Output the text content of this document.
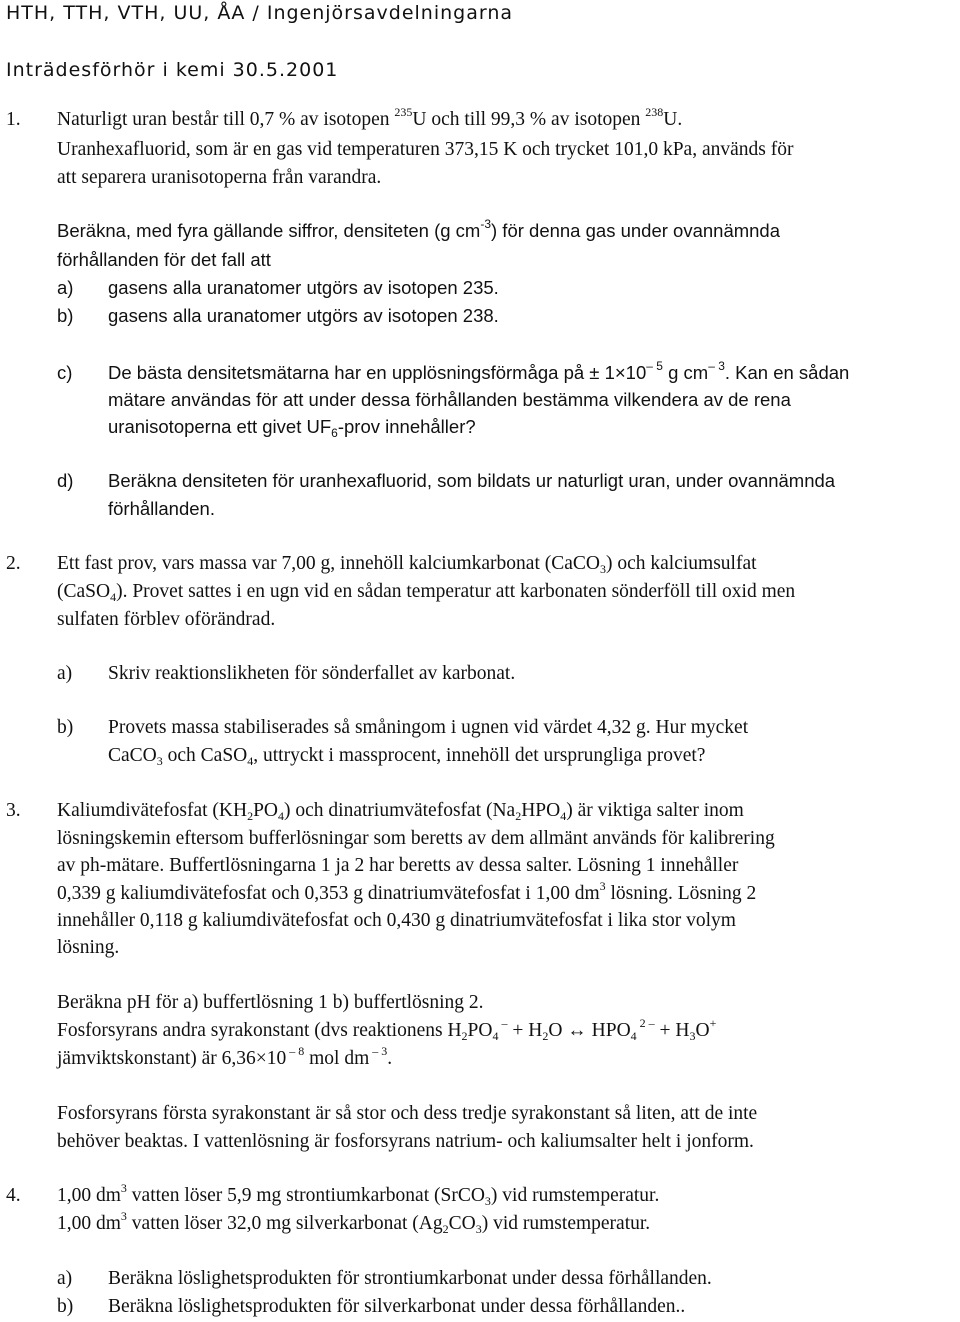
HTH, TTH, VTH, UU, ÅA / Ingenjörsavdelningarna
Inträdesförhör i kemi 30.5.2001
1. Naturligt uran består till 0,7 % av isotopen $^{235}$U och till 99,3 % av isotopen $^{238}$U.
Uranhexafluorid, som är en gas vid temperaturen 373,15 K och trycket 101,0 kPa, används för
att separera uranisotoperna från varandra.
Beräkna, med fyra gällande siffror, densiteten (g $cm^{-3}$) för denna gas under ovannämnda
förhållanden för det fall att
a) gasens alla uranatomer utgörs av isotopen 235.
b) gasens alla uranatomer utgörs av isotopen 238.
c) De bästa densitetsmätarna har en upplösningsförmåga på ± $1\times 10^{- 5}$ g $cm^{- 3}$. Kan en sådan
mätare användas för att under dessa förhållanden bestämma vilkendera av de rena
uranisotoperna ett givet $UF_6$-prov innehåller?
d) Beräkna densiteten för uranhexafluorid, som bildats ur naturligt uran, under ovannämnda
förhållanden.
2. Ett fast prov, vars massa var 7,00 g, innehöll kalciumkarbonat (CaCO$_3$) och kalciumsulfat
(CaSO$_4$). Provet sattes i en ugn vid en sådan temperatur att karbonaten sönderföll till oxid men
sulfaten förblev oförändrad.
a) Skriv reaktionslikheten för sönderfallet av karbonat.
b) Provets massa stabiliserades så småningom i ugnen vid värdet 4,32 g. Hur mycket
CaCO$_3$ och CaSO$_4$, uttryckt i massprocent, innehöll det ursprungliga provet?
3. Kaliumdivätefosfat $(KH_2PO_4)$ och dinatriumvätefosfat $(Na_2HPO_4)$ är viktiga salter inom
lösningskemin eftersom bufferlösningar som beretts av dem allmänt används för kalibrering
av ph-mätare. Buffertlösningarna 1 ja 2 har beretts av dessa salter. Lösning 1 innehåller
0,339 g kaliumdivätefosfat och 0,353 g dinatriumvätefosfat i 1,00 $dm^3$ lösning. Lösning 2
innehåller 0,118 g kaliumdivätefosfat och 0,430 g dinatriumvätefosfat i lika stor volym
lösning.
Beräkna pH för a) buffertlösning 1 b) buffertlösning 2.
Fosforsyrans andra syrakonstant (dvs reaktionens $H_2PO_4$ $^- + H_2O$ ↔ $HPO_4$ $^{2 -} + H_3O^+$
jämviktskonstant) är 6,36×10 $^{- 8}$ mol dm $^{- 3}$.
Fosforsyrans första syrakonstant är så stor och dess tredje syrakonstant så liten, att de inte
behöver beaktas. I vattenlösning är fosforsyrans natrium- och kaliumsalter helt i jonform.
4. 1,00 $dm^3$ vatten löser 5,9 mg strontiumkarbonat (SrCO$_3$) vid rumstemperatur.
1,00 $dm^3$ vatten löser 32,0 mg silverkarbonat $(Ag_2CO_3)$ vid rumstemperatur.
a) Beräkna löslighetsprodukten för strontiumkarbonat under dessa förhållanden.
b) Beräkna löslighetsprodukten för silverkarbonat under dessa förhållanden..
